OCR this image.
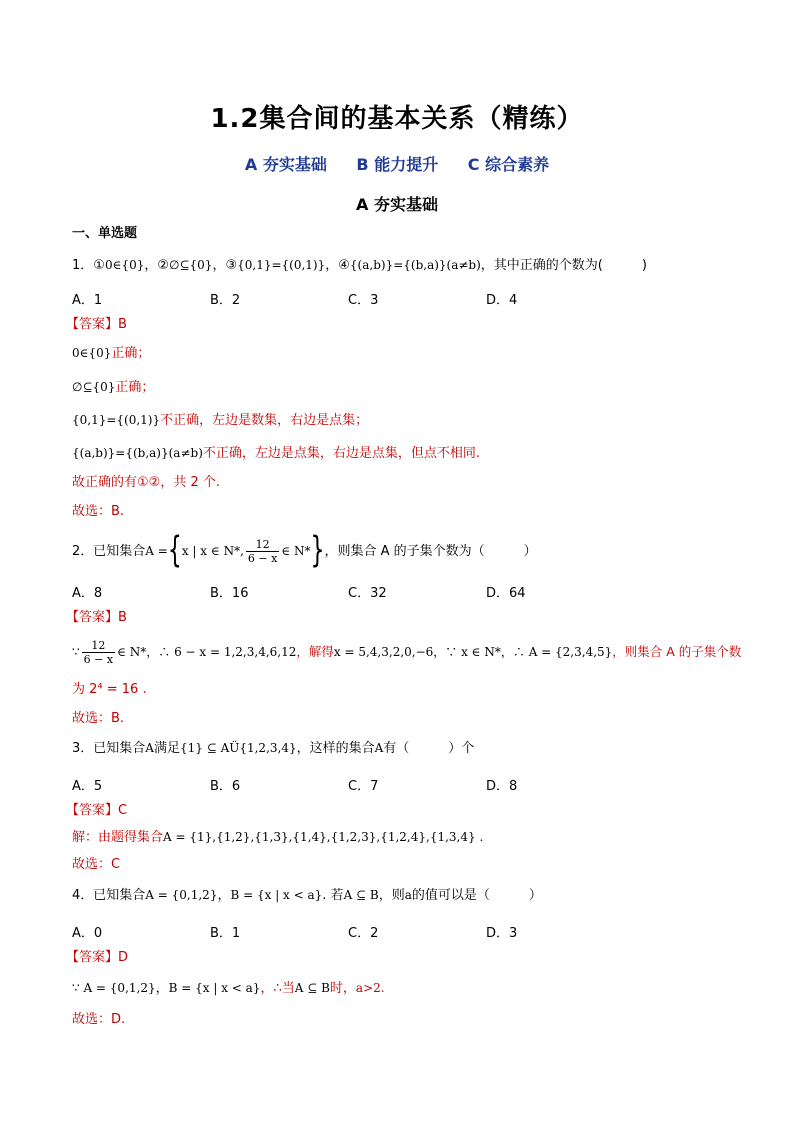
1.2集合间的基本关系（精练）
A 夯实基础 B 能力提升 C 综合素养
A 夯实基础
一、单选题
1．①0∈{0}，②∅⊆{0}，③{0,1}={(0,1)}，④{(a,b)}={(b,a)}(a≠b)，其中正确的个数为(　　　)
A．1	B．2	C．3	D．4
【答案】B
0∈{0}正确；
∅⊆{0}正确；
{0,1}={(0,1)}不正确，左边是数集，右边是点集；
{(a,b)}={(b,a)}(a≠b)不正确，左边是点集，右边是点集，但点不相同.
故正确的有①②，共 2 个.
故选：B.
2．已知集合A ={x | x ∈ N*, $\frac{12}{6 - x}$ ∈ N*}，则集合 A 的子集个数为（　　　）
A．8	B．16	C．32	D．64
【答案】B
∵ $\frac{12}{6 - x}$ ∈ N*，∴ 6 − x = 1,2,3,4,6,12，解得x = 5,4,3,2,0,−6，∵ x ∈ N*，∴ A = {2,3,4,5}，则集合 A 的子集个数
为 2⁴ = 16 .
故选：B.
3．已知集合A满足{1} ⊆ AÜ{1,2,3,4}，这样的集合A有（　　　）个
A．5	B．6	C．7	D．8
【答案】C
解：由题得集合A = {1},{1,2},{1,3},{1,4},{1,2,3},{1,2,4},{1,3,4} .
故选：C
4．已知集合A = {0,1,2}，B = {x | x < a}. 若A ⊆ B，则a的值可以是（　　　）
A．0	B．1	C．2	D．3
【答案】D
∵ A = {0,1,2}，B = {x | x < a}，∴当A ⊆ B时，a>2.
故选：D.
